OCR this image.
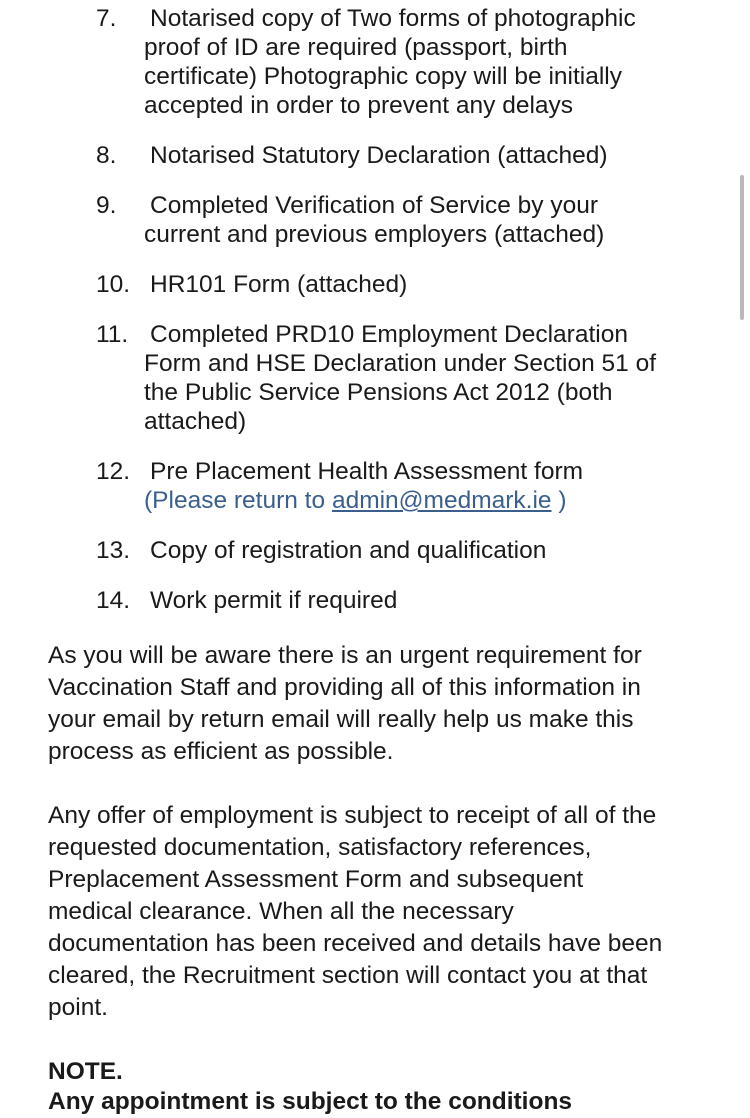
7. Notarised copy of Two forms of photographic
proof of ID are required (passport, birth
certificate) Photographic copy will be initially
accepted in order to prevent any delays
8. Notarised Statutory Declaration (attached)
9. Completed Verification of Service by your
current and previous employers (attached)
10. HR101 Form (attached)
11. Completed PRD10 Employment Declaration
Form and HSE Declaration under Section 51 of
the Public Service Pensions Act 2012 (both
attached)
12. Pre Placement Health Assessment form
(Please return to admin@medmark.ie )
13. Copy of registration and qualification
14. Work permit if required
As you will be aware there is an urgent requirement for
Vaccination Staff and providing all of this information in
your email by return email will really help us make this
process as efficient as possible.
Any offer of employment is subject to receipt of all of the
requested documentation, satisfactory references,
Preplacement Assessment Form and subsequent
medical clearance. When all the necessary
documentation has been received and details have been
cleared, the Recruitment section will contact you at that
point.
NOTE.
Any appointment is subject to the conditions
